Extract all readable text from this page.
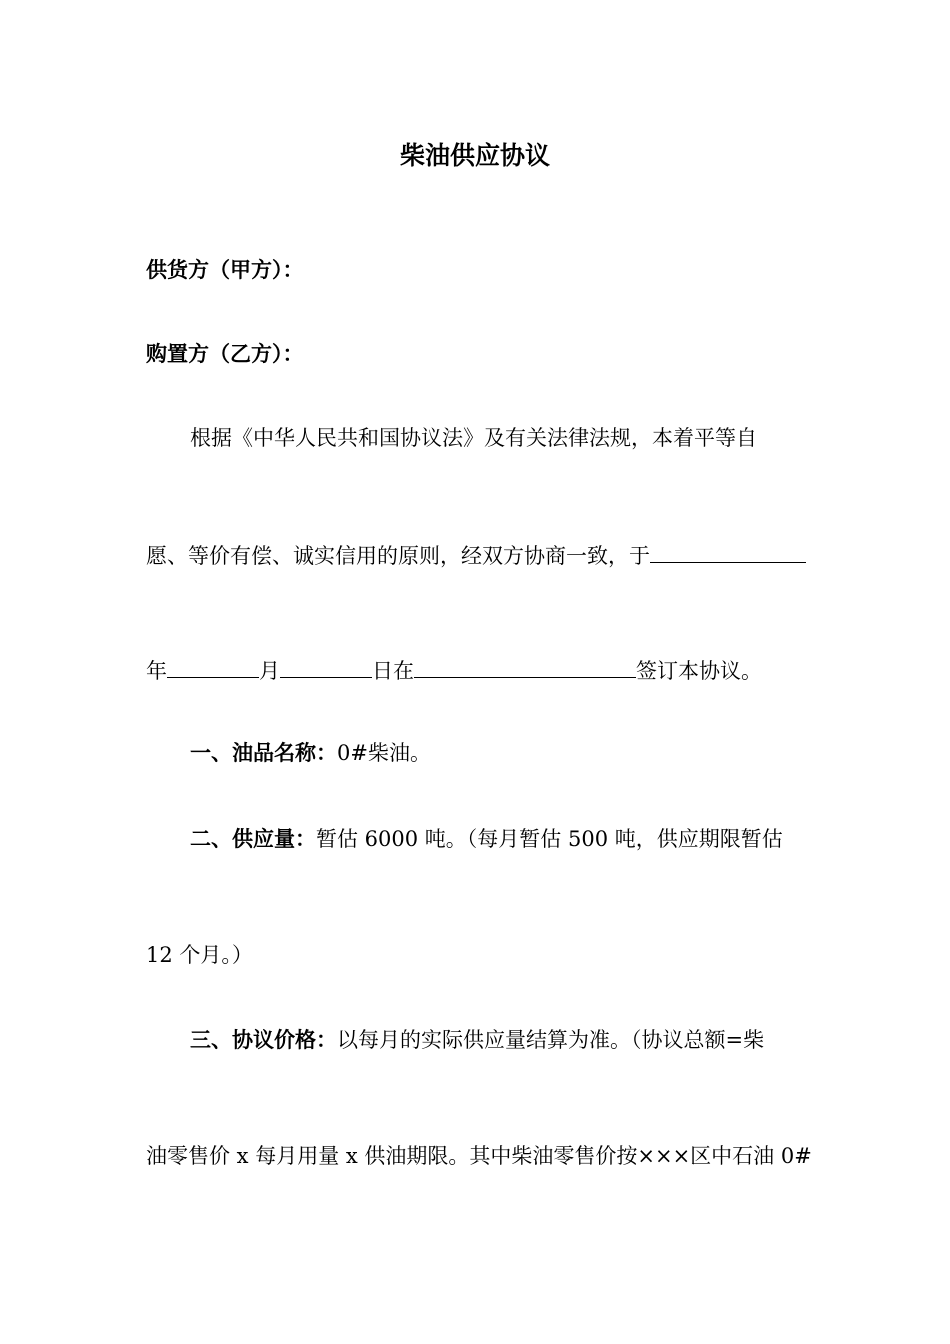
柴油供应协议
供货方（甲方）：
购置方（乙方）：
根据《中华人民共和国协议法》及有关法律法规，本着平等自
愿、等价有偿、诚实信用的原则，经双方协商一致，于
年	月	日在	签订本协议。
一、油品名称：0#柴油。
二、供应量：暂估 6000 吨。（每月暂估 500 吨，供应期限暂估
12 个月。）
三、协议价格：以每月的实际供应量结算为准。（协议总额=柴
油零售价 x 每月用量 x 供油期限。其中柴油零售价按×××区中石油 0#
